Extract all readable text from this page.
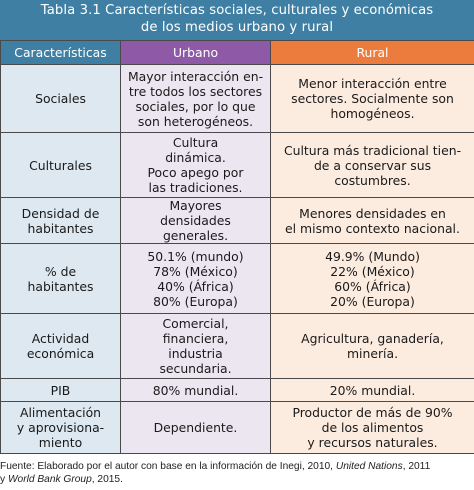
Tabla 3.1 Características sociales, culturales y económicas
de los medios urbano y rural
Características	Urbano	Rural

Sociales	Mayor interacción en-
tre todos los sectores
sociales, por lo que
son heterogéneos.	Menor interacción entre
sectores. Socialmente son
homogéneos.

Culturales	Cultura
dinámica.
Poco apego por
las tradiciones.	Cultura más tradicional tien-
de a conservar sus
costumbres.

Densidad de
habitantes	Mayores
densidades
generales.	Menores densidades en
el mismo contexto nacional.

% de
habitantes	50.1% (mundo)
78% (México)
40% (África)
80% (Europa)	49.9% (Mundo)
22% (México)
60% (África)
20% (Europa)

Actividad
económica	Comercial,
financiera,
industria
secundaria.	Agricultura, ganadería,
minería.

PIB	80% mundial.	20% mundial.

Alimentación
y aprovisiona-
miento	Dependiente.	Productor de más de 90%
de los alimentos
y recursos naturales.
Fuente: Elaborado por el autor con base en la información de Inegi, 2010, United Nations, 2011
y World Bank Group, 2015.
